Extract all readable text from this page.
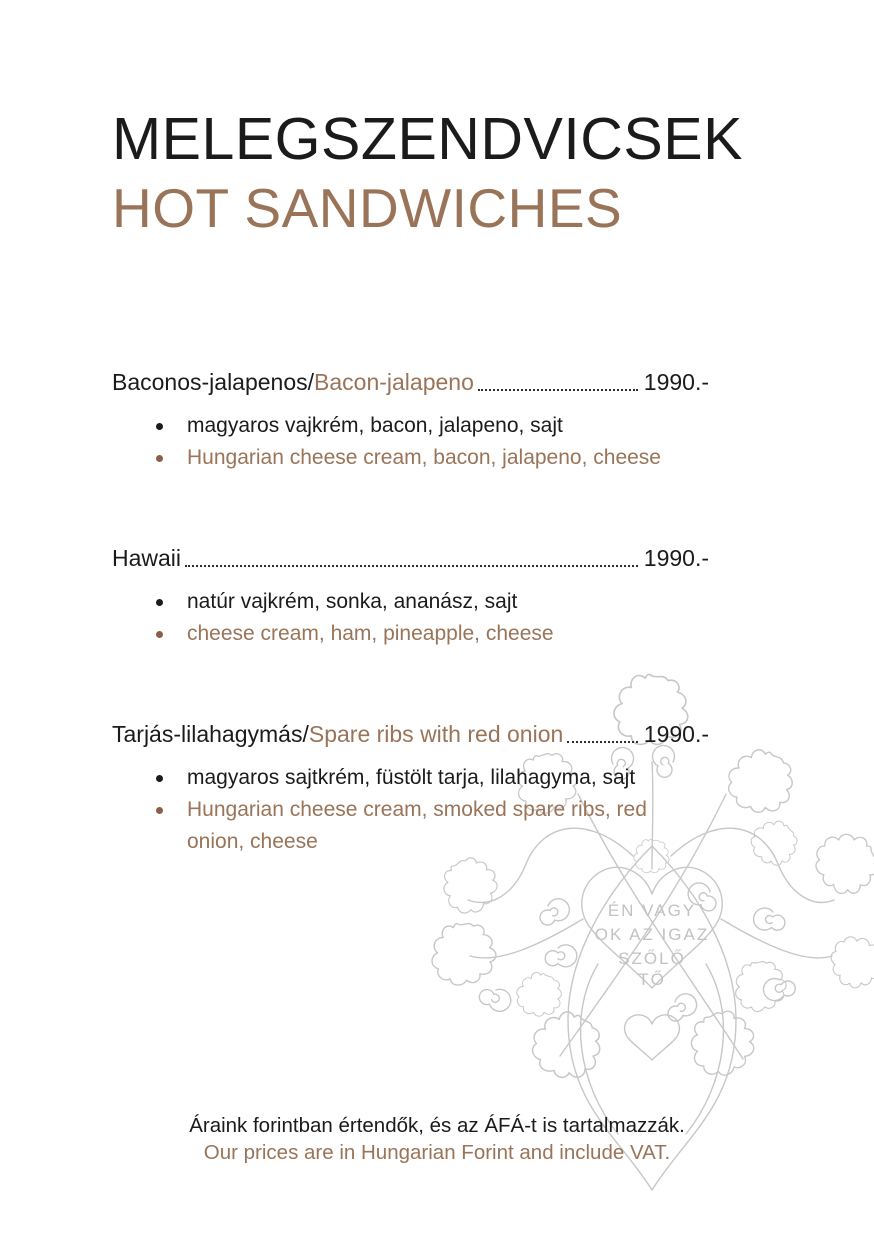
ÉN VAGY
OK AZ IGAZ
SZŐLŐ
TŐ
MELEGSZENDVICSEK
HOT SANDWICHES
Baconos-jalapenos/ Bacon-jalapeno	1990.-
magyaros vajkrém, bacon, jalapeno, sajt
Hungarian cheese cream, bacon, jalapeno, cheese
Hawaii	1990.-
natúr vajkrém, sonka, ananász, sajt
cheese cream, ham, pineapple, cheese
Tarjás-lilahagymás/ Spare ribs with red onion	1990.-
magyaros sajtkrém, füstölt tarja, lilahagyma, sajt
Hungarian cheese cream, smoked spare ribs, red onion, cheese

Áraink forintban értendők, és az ÁFÁ-t is tartalmazzák.

Our prices are in Hungarian Forint and include VAT.
